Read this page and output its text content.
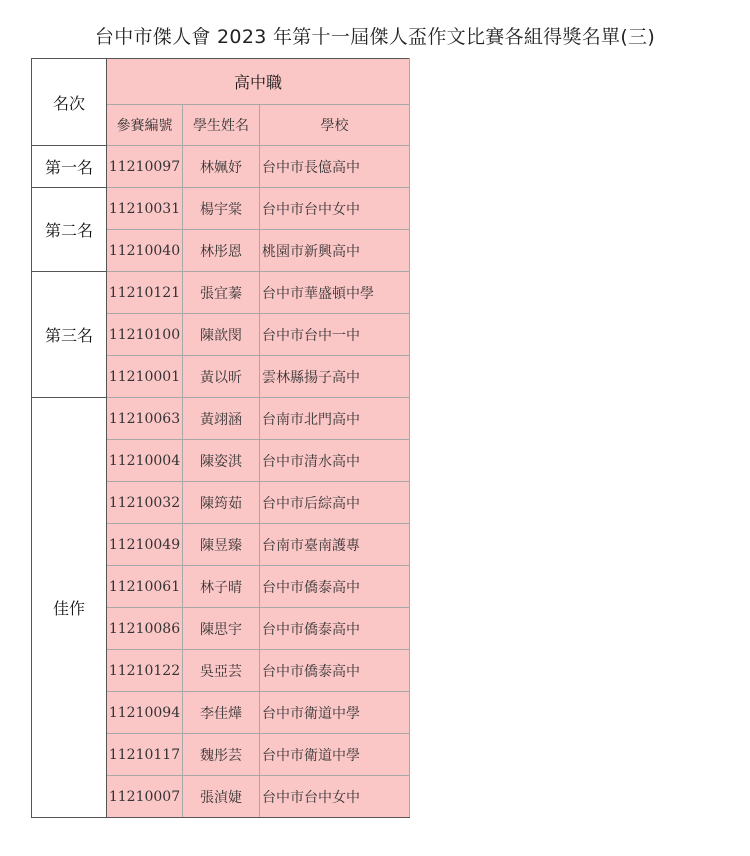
台中市傑人會 2023 年第十一屆傑人盃作文比賽各組得獎名單(三)
名次	高中職		
	參賽編號	學生姓名	學校
第一名	11210097	林姵妤	台中市長億高中
第二名	11210031	楊宇棠	台中市台中女中
	11210040	林彤恩	桃園市新興高中
第三名	11210121	張宜蓁	台中市華盛頓中學
	11210100	陳歆閔	台中市台中一中
	11210001	黃以昕	雲林縣揚子高中
佳作	11210063	黃翊涵	台南市北門高中
	11210004	陳姿淇	台中市清水高中
	11210032	陳筠茹	台中市后綜高中
	11210049	陳昱臻	台南市臺南護專
	11210061	林子晴	台中市僑泰高中
	11210086	陳思宇	台中市僑泰高中
	11210122	吳亞芸	台中市僑泰高中
	11210094	李佳燁	台中市衛道中學
	11210117	魏彤芸	台中市衛道中學
	11210007	張湞婕	台中市台中女中
